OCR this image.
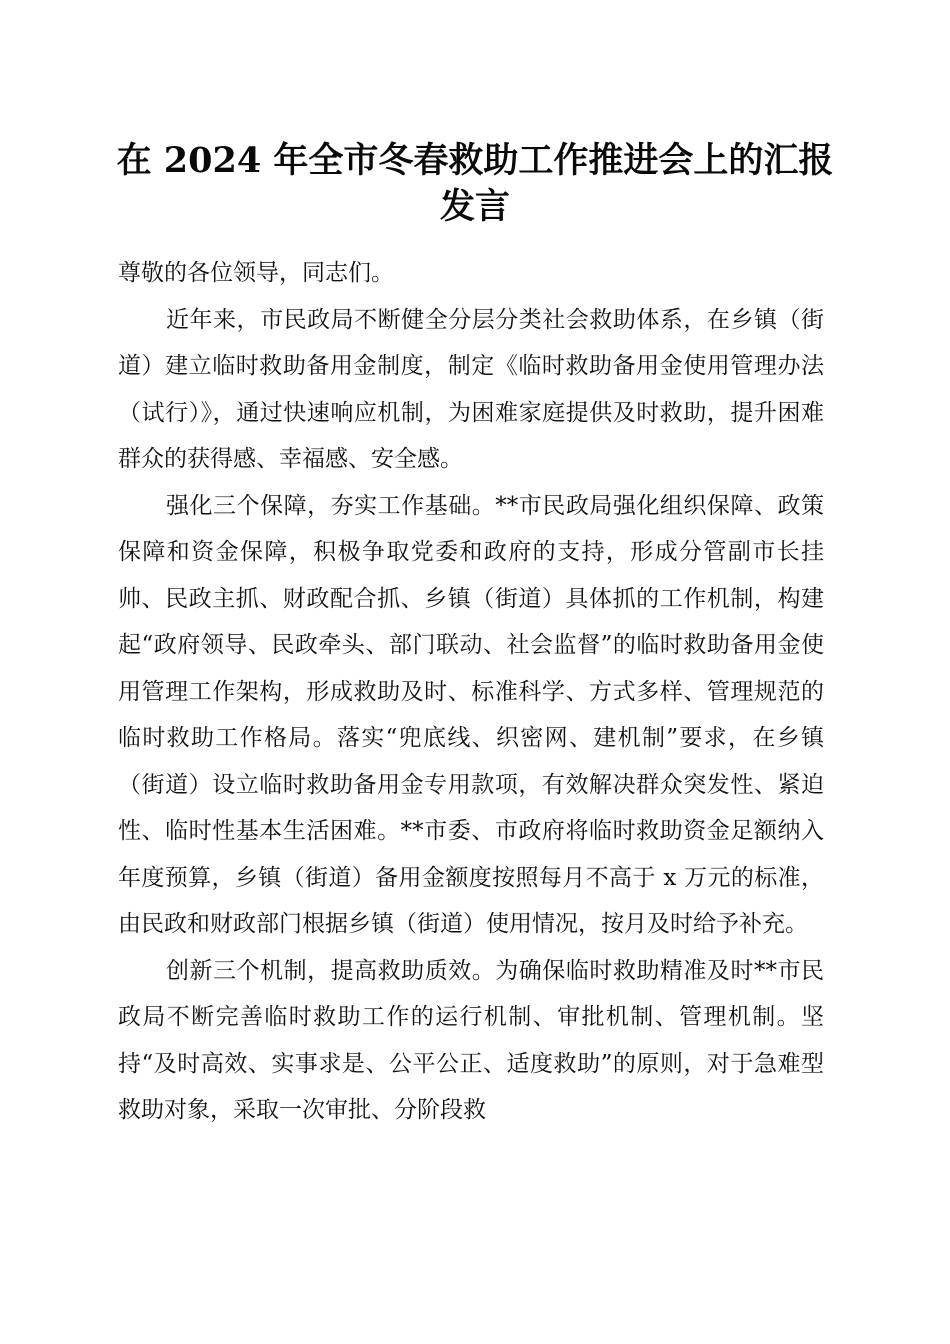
在 2024 年全市冬春救助工作推进会上的汇报
发言

尊敬的各位领导，同志们。

近年来，市民政局不断健全分层分类社会救助体系，在乡镇（街道）建立临时救助备用金制度，制定《临时救助备用金使用管理办法（试行）》，通过快速响应机制，为困难家庭提供及时救助，提升困难群众的获得感、幸福感、安全感。

强化三个保障，夯实工作基础。**市民政局强化组织保障、政策保障和资金保障，积极争取党委和政府的支持，形成分管副市长挂帅、民政主抓、财政配合抓、乡镇（街道）具体抓的工作机制，构建起“政府领导、民政牵头、部门联动、社会监督”的临时救助备用金使用管理工作架构，形成救助及时、标准科学、方式多样、管理规范的临时救助工作格局。落实“兜底线、织密网、建机制”要求，在乡镇（街道）设立临时救助备用金专用款项，有效解决群众突发性、紧迫性、临时性基本生活困难。**市委、市政府将临时救助资金足额纳入年度预算，乡镇（街道）备用金额度按照每月不高于 x 万元的标准，由民政和财政部门根据乡镇（街道）使用情况，按月及时给予补充。

创新三个机制，提高救助质效。为确保临时救助精准及时**市民政局不断完善临时救助工作的运行机制、审批机制、管理机制。坚持“及时高效、实事求是、公平公正、适度救助”的原则，对于急难型救助对象，采取一次审批、分阶段救
